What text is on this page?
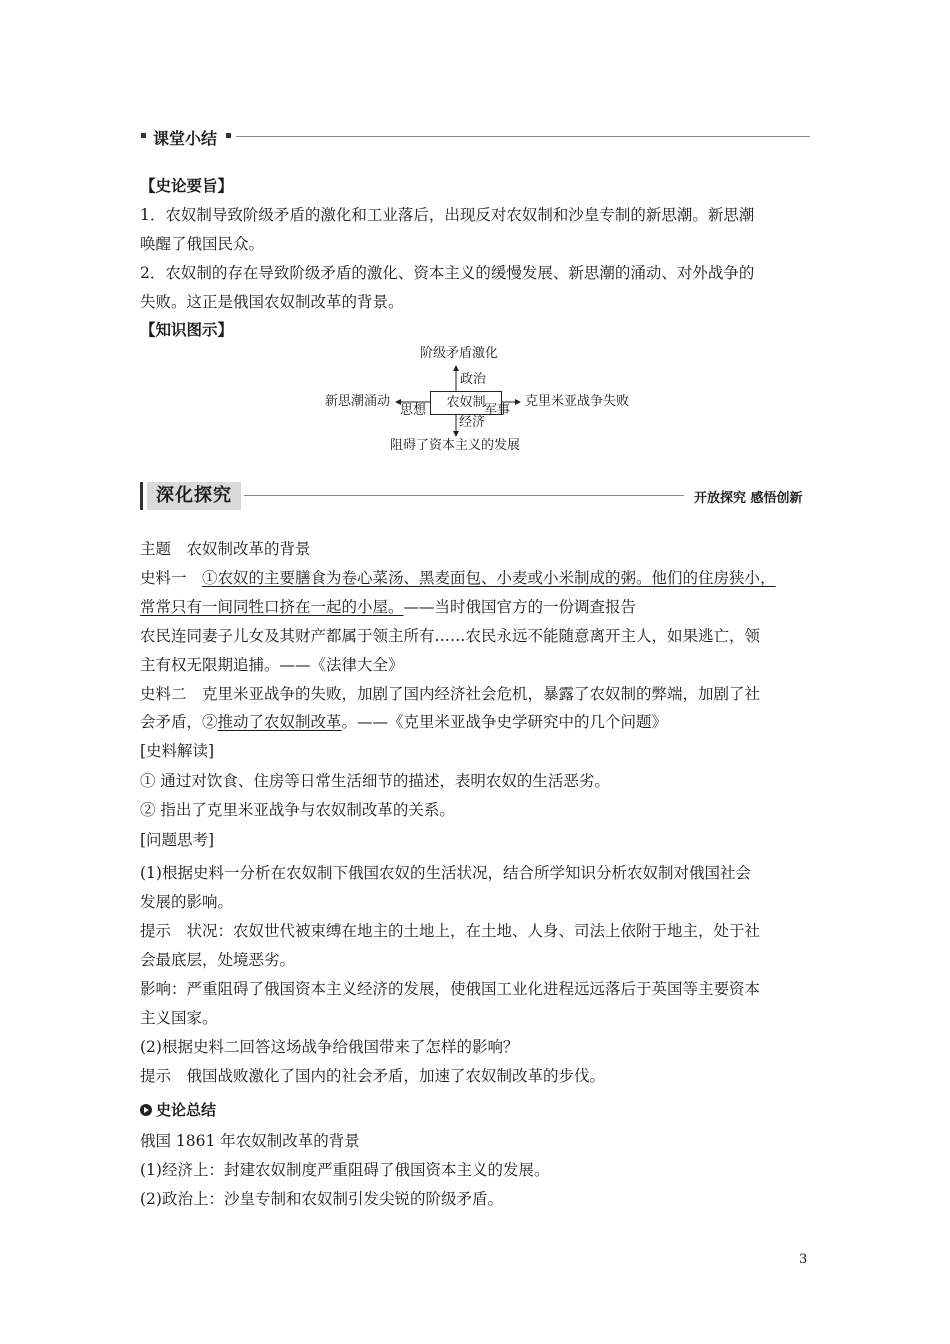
课堂小结
【史论要旨】
1．农奴制导致阶级矛盾的激化和工业落后，出现反对农奴制和沙皇专制的新思潮。新思潮
唤醒了俄国民众。
2．农奴制的存在导致阶级矛盾的激化、资本主义的缓慢发展、新思潮的涌动、对外战争的
失败。这正是俄国农奴制改革的背景。
【知识图示】
农奴制
阶级矛盾激化
政治
新思潮涌动
思想
克里米亚战争失败
军事
经济
阻碍了资本主义的发展
深化探究	开放探究 感悟创新
主题　农奴制改革的背景
史料一　①农奴的主要膳食为卷心菜汤、黑麦面包、小麦或小米制成的粥。他们的住房狭小，
常常只有一间同牲口挤在一起的小屋。——当时俄国官方的一份调查报告
农民连同妻子儿女及其财产都属于领主所有……农民永远不能随意离开主人，如果逃亡，领
主有权无限期追捕。——《法律大全》
史料二　克里米亚战争的失败，加剧了国内经济社会危机，暴露了农奴制的弊端，加剧了社
会矛盾，②推动了农奴制改革。——《克里米亚战争史学研究中的几个问题》
[史料解读]
① 通过对饮食、住房等日常生活细节的描述，表明农奴的生活恶劣。
② 指出了克里米亚战争与农奴制改革的关系。
[问题思考]
(1)根据史料一分析在农奴制下俄国农奴的生活状况，结合所学知识分析农奴制对俄国社会
发展的影响。
提示　状况：农奴世代被束缚在地主的土地上，在土地、人身、司法上依附于地主，处于社
会最底层，处境恶劣。
影响：严重阻碍了俄国资本主义经济的发展，使俄国工业化进程远远落后于英国等主要资本
主义国家。
(2)根据史料二回答这场战争给俄国带来了怎样的影响？
提示　俄国战败激化了国内的社会矛盾，加速了农奴制改革的步伐。
史论总结
俄国 1861 年农奴制改革的背景
(1)经济上：封建农奴制度严重阻碍了俄国资本主义的发展。
(2)政治上：沙皇专制和农奴制引发尖锐的阶级矛盾。
3
